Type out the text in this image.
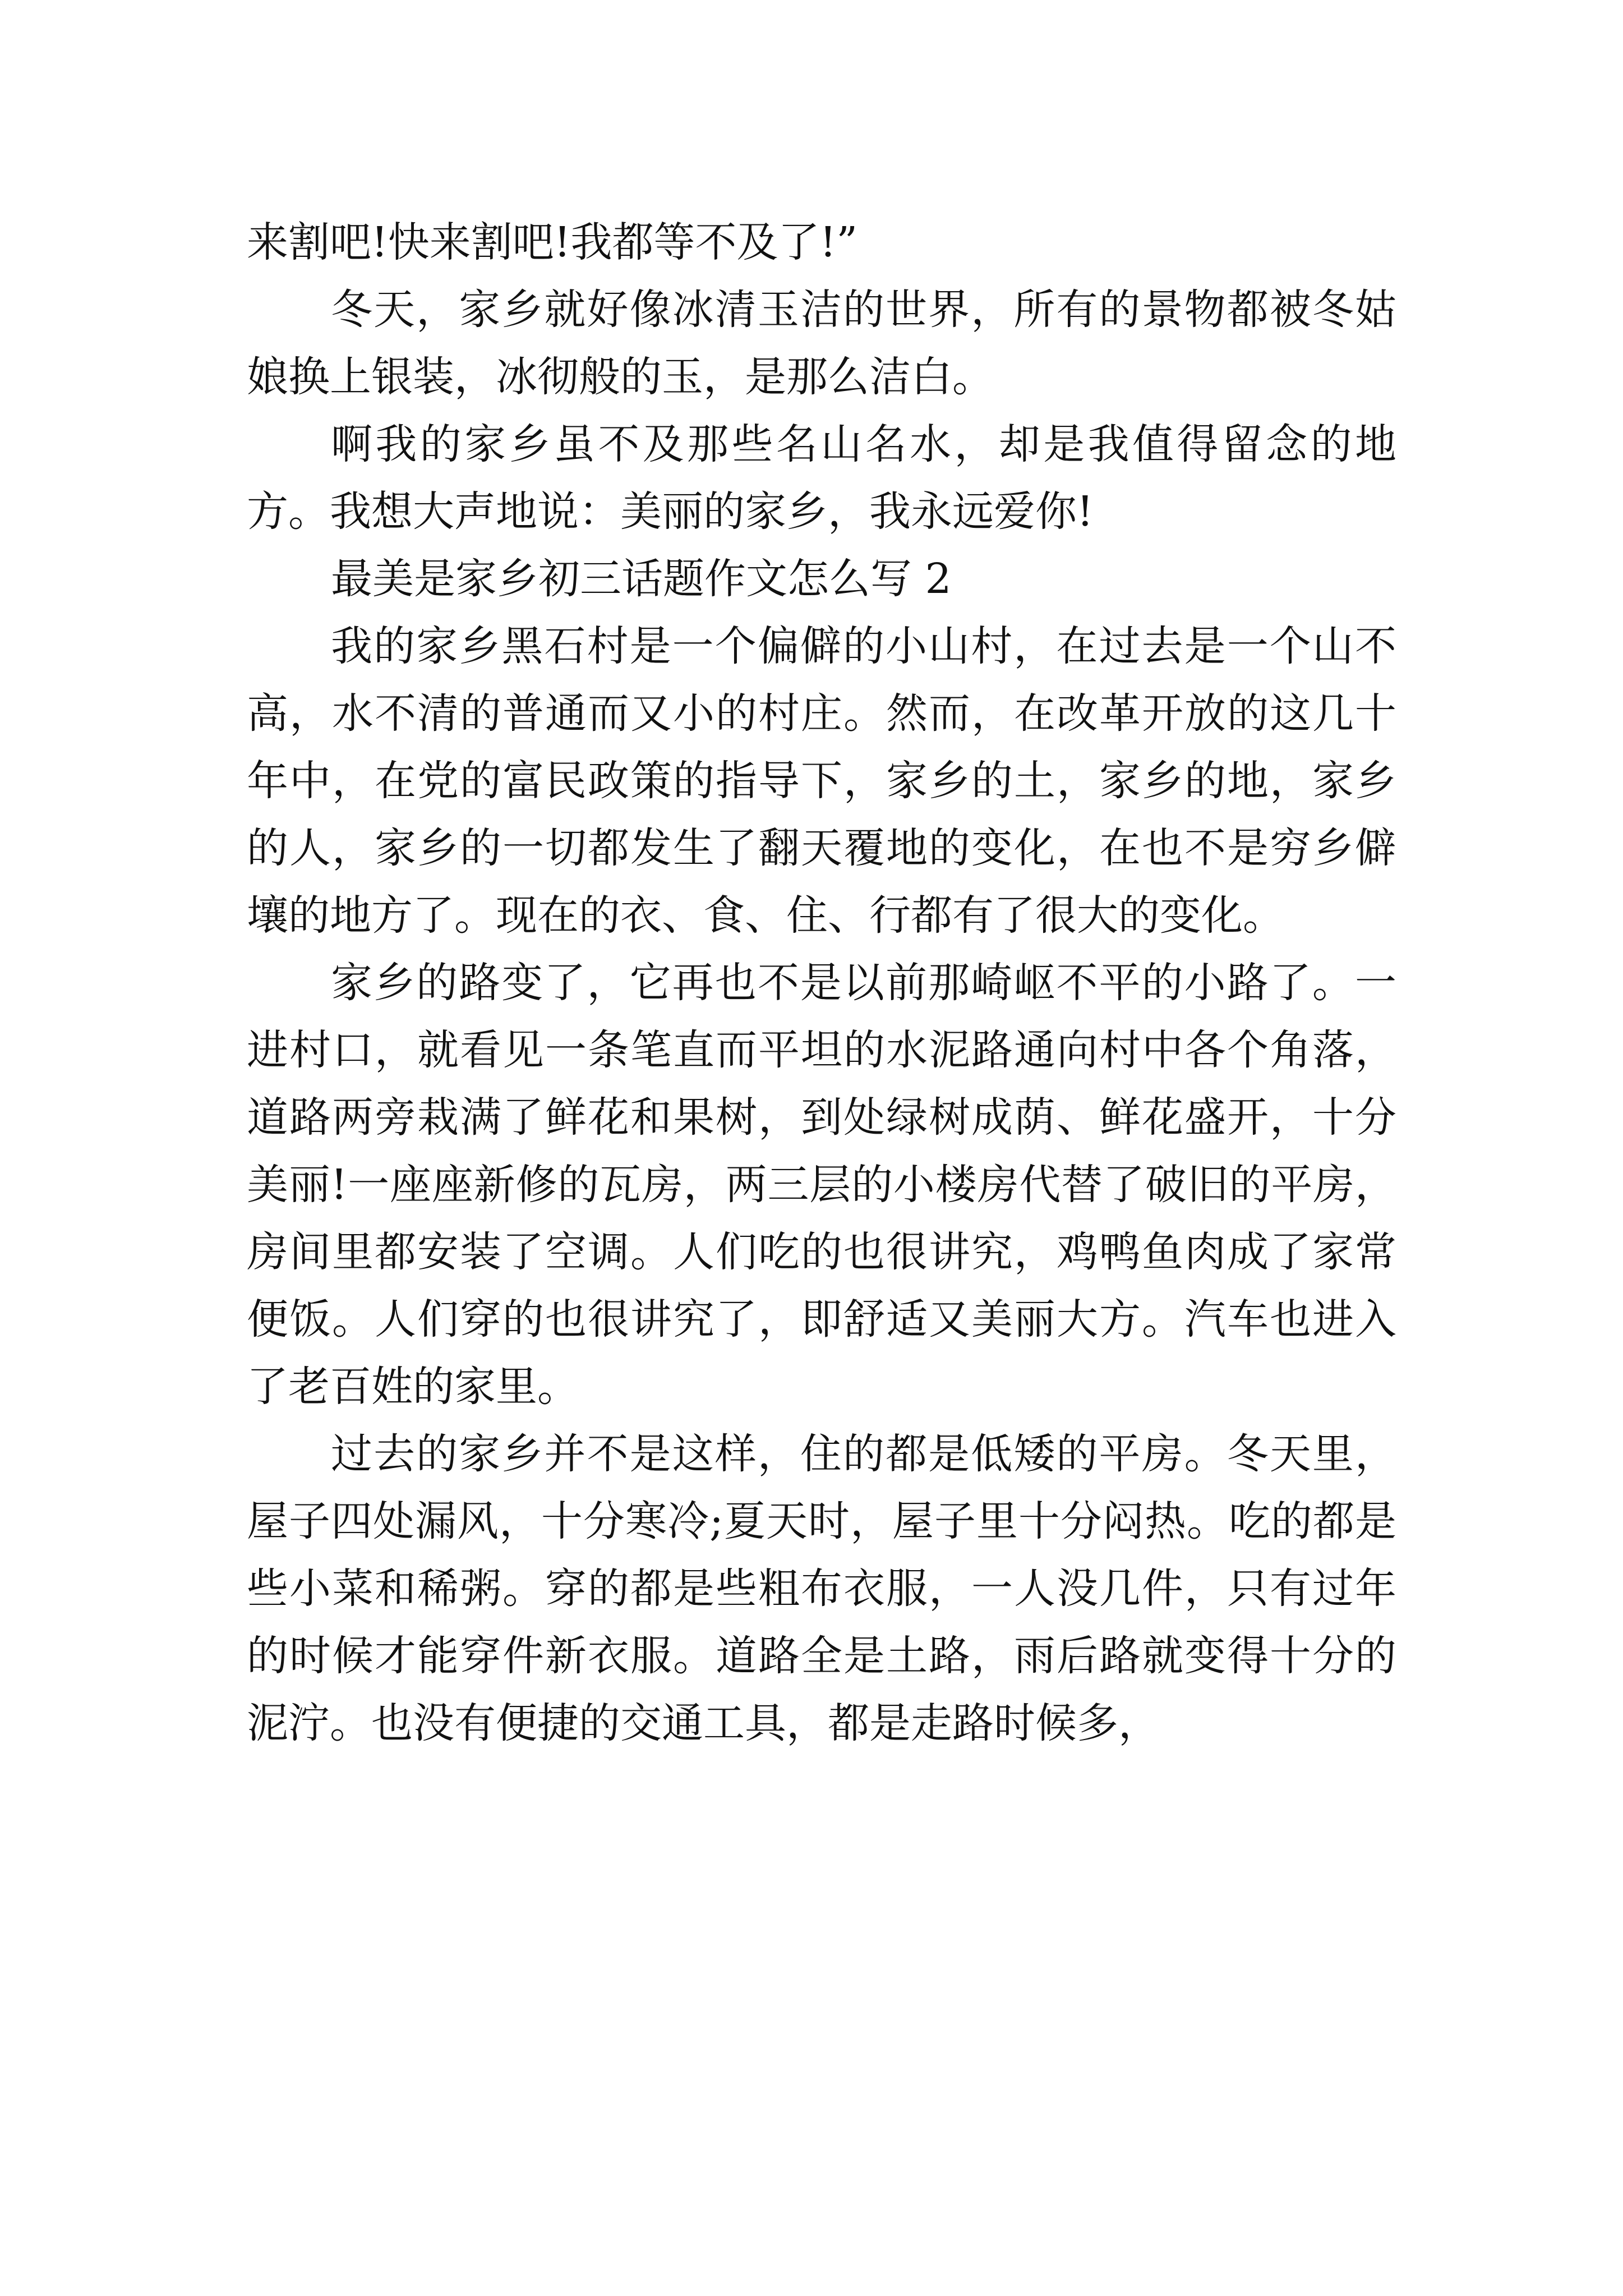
来割吧!快来割吧!我都等不及了!”

冬天，家乡就好像冰清玉洁的世界，所有的景物都被冬姑娘换上银装，冰彻般的玉，是那么洁白。

啊我的家乡虽不及那些名山名水，却是我值得留念的地方。我想大声地说：美丽的家乡，我永远爱你!

最美是家乡初三话题作文怎么写 2

我的家乡黑石村是一个偏僻的小山村，在过去是一个山不高，水不清的普通而又小的村庄。然而，在改革开放的这几十年中，在党的富民政策的指导下，家乡的土，家乡的地，家乡的人，家乡的一切都发生了翻天覆地的变化，在也不是穷乡僻壤的地方了。现在的衣、食、住、行都有了很大的变化。

家乡的路变了，它再也不是以前那崎岖不平的小路了。一进村口，就看见一条笔直而平坦的水泥路通向村中各个角落，道路两旁栽满了鲜花和果树，到处绿树成荫、鲜花盛开，十分美丽!一座座新修的瓦房，两三层的小楼房代替了破旧的平房，房间里都安装了空调。人们吃的也很讲究，鸡鸭鱼肉成了家常便饭。人们穿的也很讲究了，即舒适又美丽大方。汽车也进入了老百姓的家里。

过去的家乡并不是这样，住的都是低矮的平房。冬天里，屋子四处漏风，十分寒冷;夏天时，屋子里十分闷热。吃的都是些小菜和稀粥。穿的都是些粗布衣服，一人没几件，只有过年的时候才能穿件新衣服。道路全是土路，雨后路就变得十分的泥泞。也没有便捷的交通工具，都是走路时候多，
